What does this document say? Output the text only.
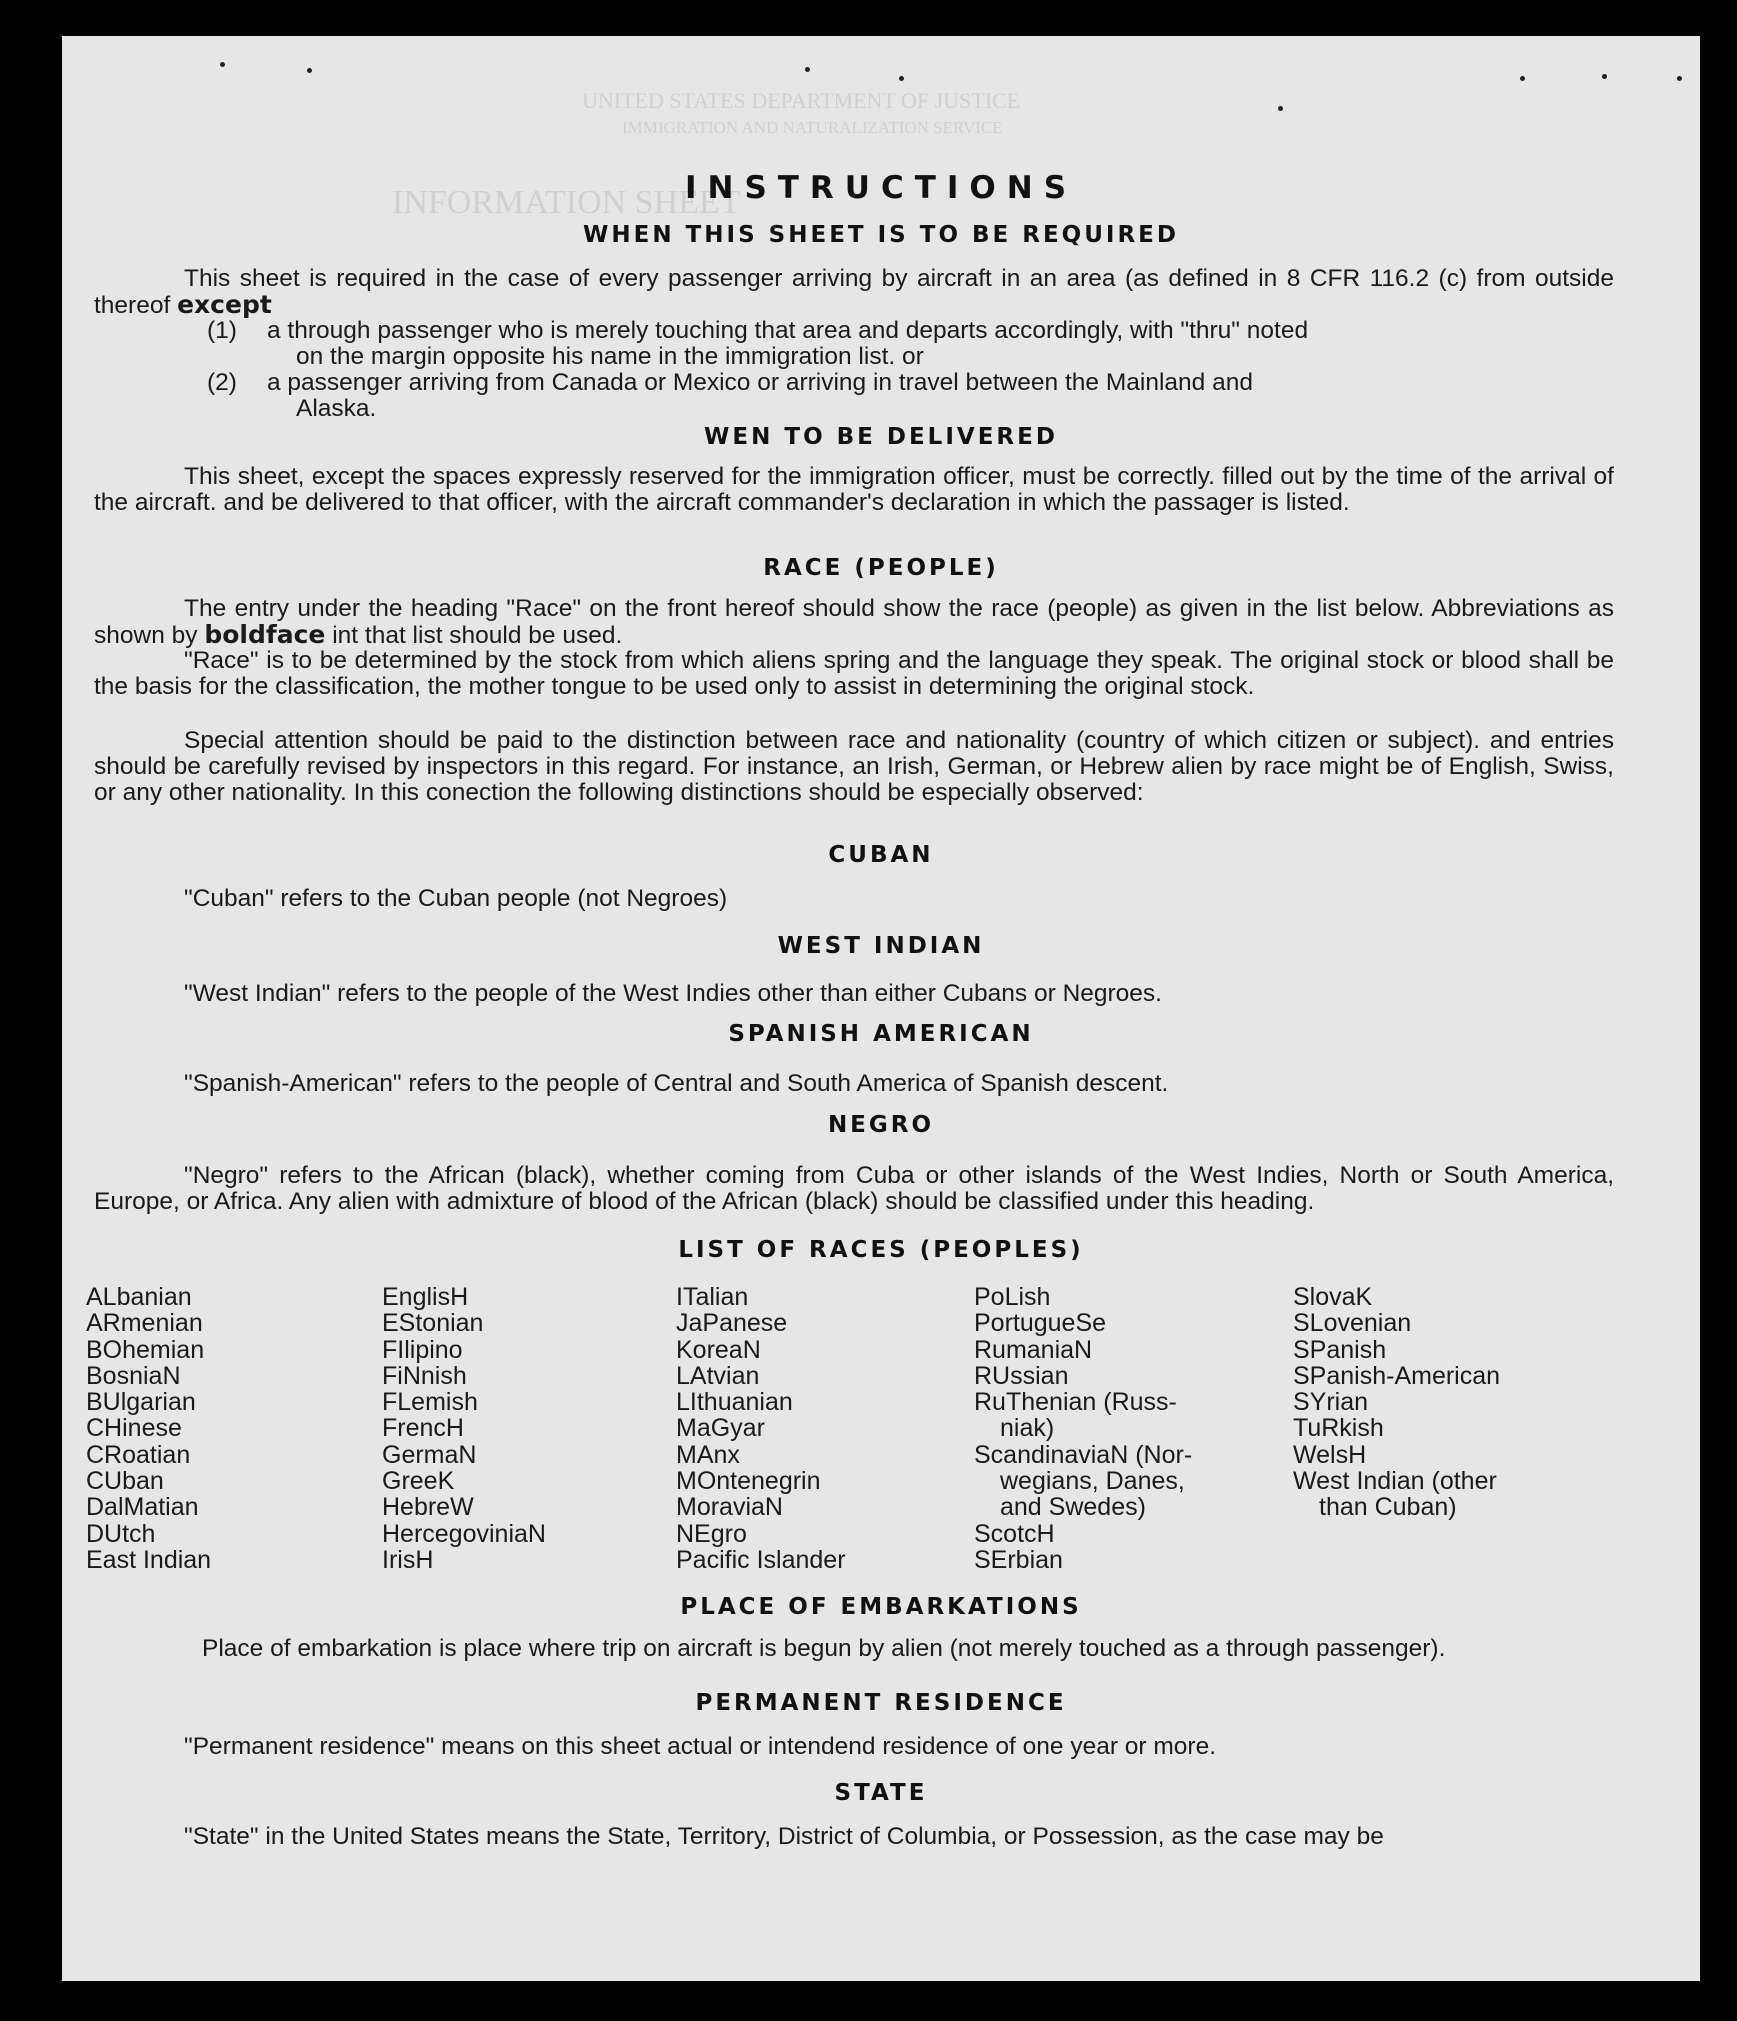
UNITED STATES DEPARTMENT OF JUSTICE
IMMIGRATION AND NATURALIZATION SERVICE
INFORMATION SHEET
INSTRUCTIONS
WHEN THIS SHEET IS TO BE REQUIRED
This sheet is required in the case of every passenger arriving by aircraft in an area (as defined in 8 CFR 116.2 (c) from outside thereof except
(1) a through passenger who is merely touching that area and departs accordingly, with "thru" noted
on the margin opposite his name in the immigration list. or
(2) a passenger arriving from Canada or Mexico or arriving in travel between the Mainland and
Alaska.
WEN TO BE DELIVERED
This sheet, except the spaces expressly reserved for the immigration officer, must be correctly. filled out by the time of the arrival of the aircraft. and be delivered to that officer, with the aircraft commander's declaration in which the passager is listed.
RACE (PEOPLE)
The entry under the heading "Race" on the front hereof should show the race (people) as given in the list below. Abbreviations as shown by boldface int that list should be used.
"Race" is to be determined by the stock from which aliens spring and the language they speak. The original stock or blood shall be the basis for the classification, the mother tongue to be used only to assist in determining the original stock.
Special attention should be paid to the distinction between race and nationality (country of which citizen or subject). and entries should be carefully revised by inspectors in this regard. For instance, an Irish, German, or Hebrew alien by race might be of English, Swiss, or any other nationality. In this conection the following distinctions should be especially observed:
CUBAN
"Cuban" refers to the Cuban people (not Negroes)
WEST INDIAN
"West Indian" refers to the people of the West Indies other than either Cubans or Negroes.
SPANISH AMERICAN
"Spanish-American" refers to the people of Central and South America of Spanish descent.
NEGRO
"Negro" refers to the African (black), whether coming from Cuba or other islands of the West Indies, North or South America, Europe, or Africa. Any alien with admixture of blood of the African (black) should be classified under this heading.
LIST OF RACES (PEOPLES)
ALbanian
ARmenian
BOhemian
BosniaN
BUlgarian
CHinese
CRoatian
CUban
DalMatian
DUtch
East Indian
EnglisH
EStonian
FIlipino
FiNnish
FLemish
FrencH
GermaN
GreeK
HebreW
HercegoviniaN
IrisH
ITalian
JaPanese
KoreaN
LAtvian
LIthuanian
MaGyar
MAnx
MOntenegrin
MoraviaN
NEgro
Pacific Islander
PoLish
PortugueSe
RumaniaN
RUssian
RuThenian (Russ-
niak)
ScandinaviaN (Nor-
wegians, Danes,
and Swedes)
ScotcH
SErbian
SlovaK
SLovenian
SPanish
SPanish-American
SYrian
TuRkish
WelsH
West Indian (other
than Cuban)
PLACE OF EMBARKATIONS
Place of embarkation is place where trip on aircraft is begun by alien (not merely touched as a through passenger).
PERMANENT RESIDENCE
"Permanent residence" means on this sheet actual or intendend residence of one year or more.
STATE
"State" in the United States means the State, Territory, District of Columbia, or Possession, as the case may be
